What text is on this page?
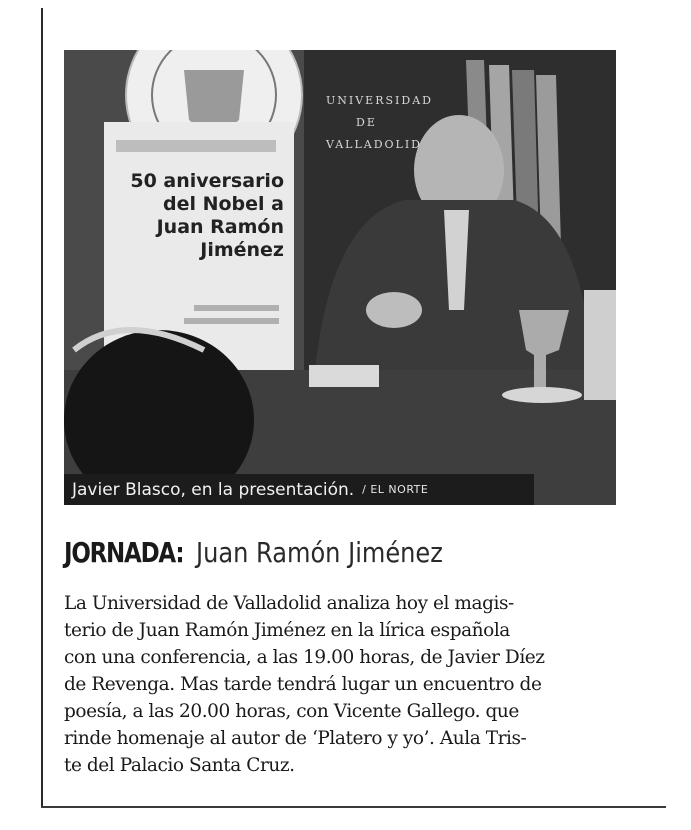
50 aniversario
del Nobel a
Juan Ramón
Jiménez
UNIVERSIDAD
DE
VALLADOLID
Javier Blasco, en la presentación. / EL NORTE
JORNADA: Juan Ramón Jiménez
La Universidad de Valladolid analiza hoy el magis-
terio de Juan Ramón Jiménez en la lírica española
con una conferencia, a las 19.00 horas, de Javier Díez
de Revenga. Mas tarde tendrá lugar un encuentro de
poesía, a las 20.00 horas, con Vicente Gallego. que
rinde homenaje al autor de ‘Platero y yo’. Aula Tris-
te del Palacio Santa Cruz.
